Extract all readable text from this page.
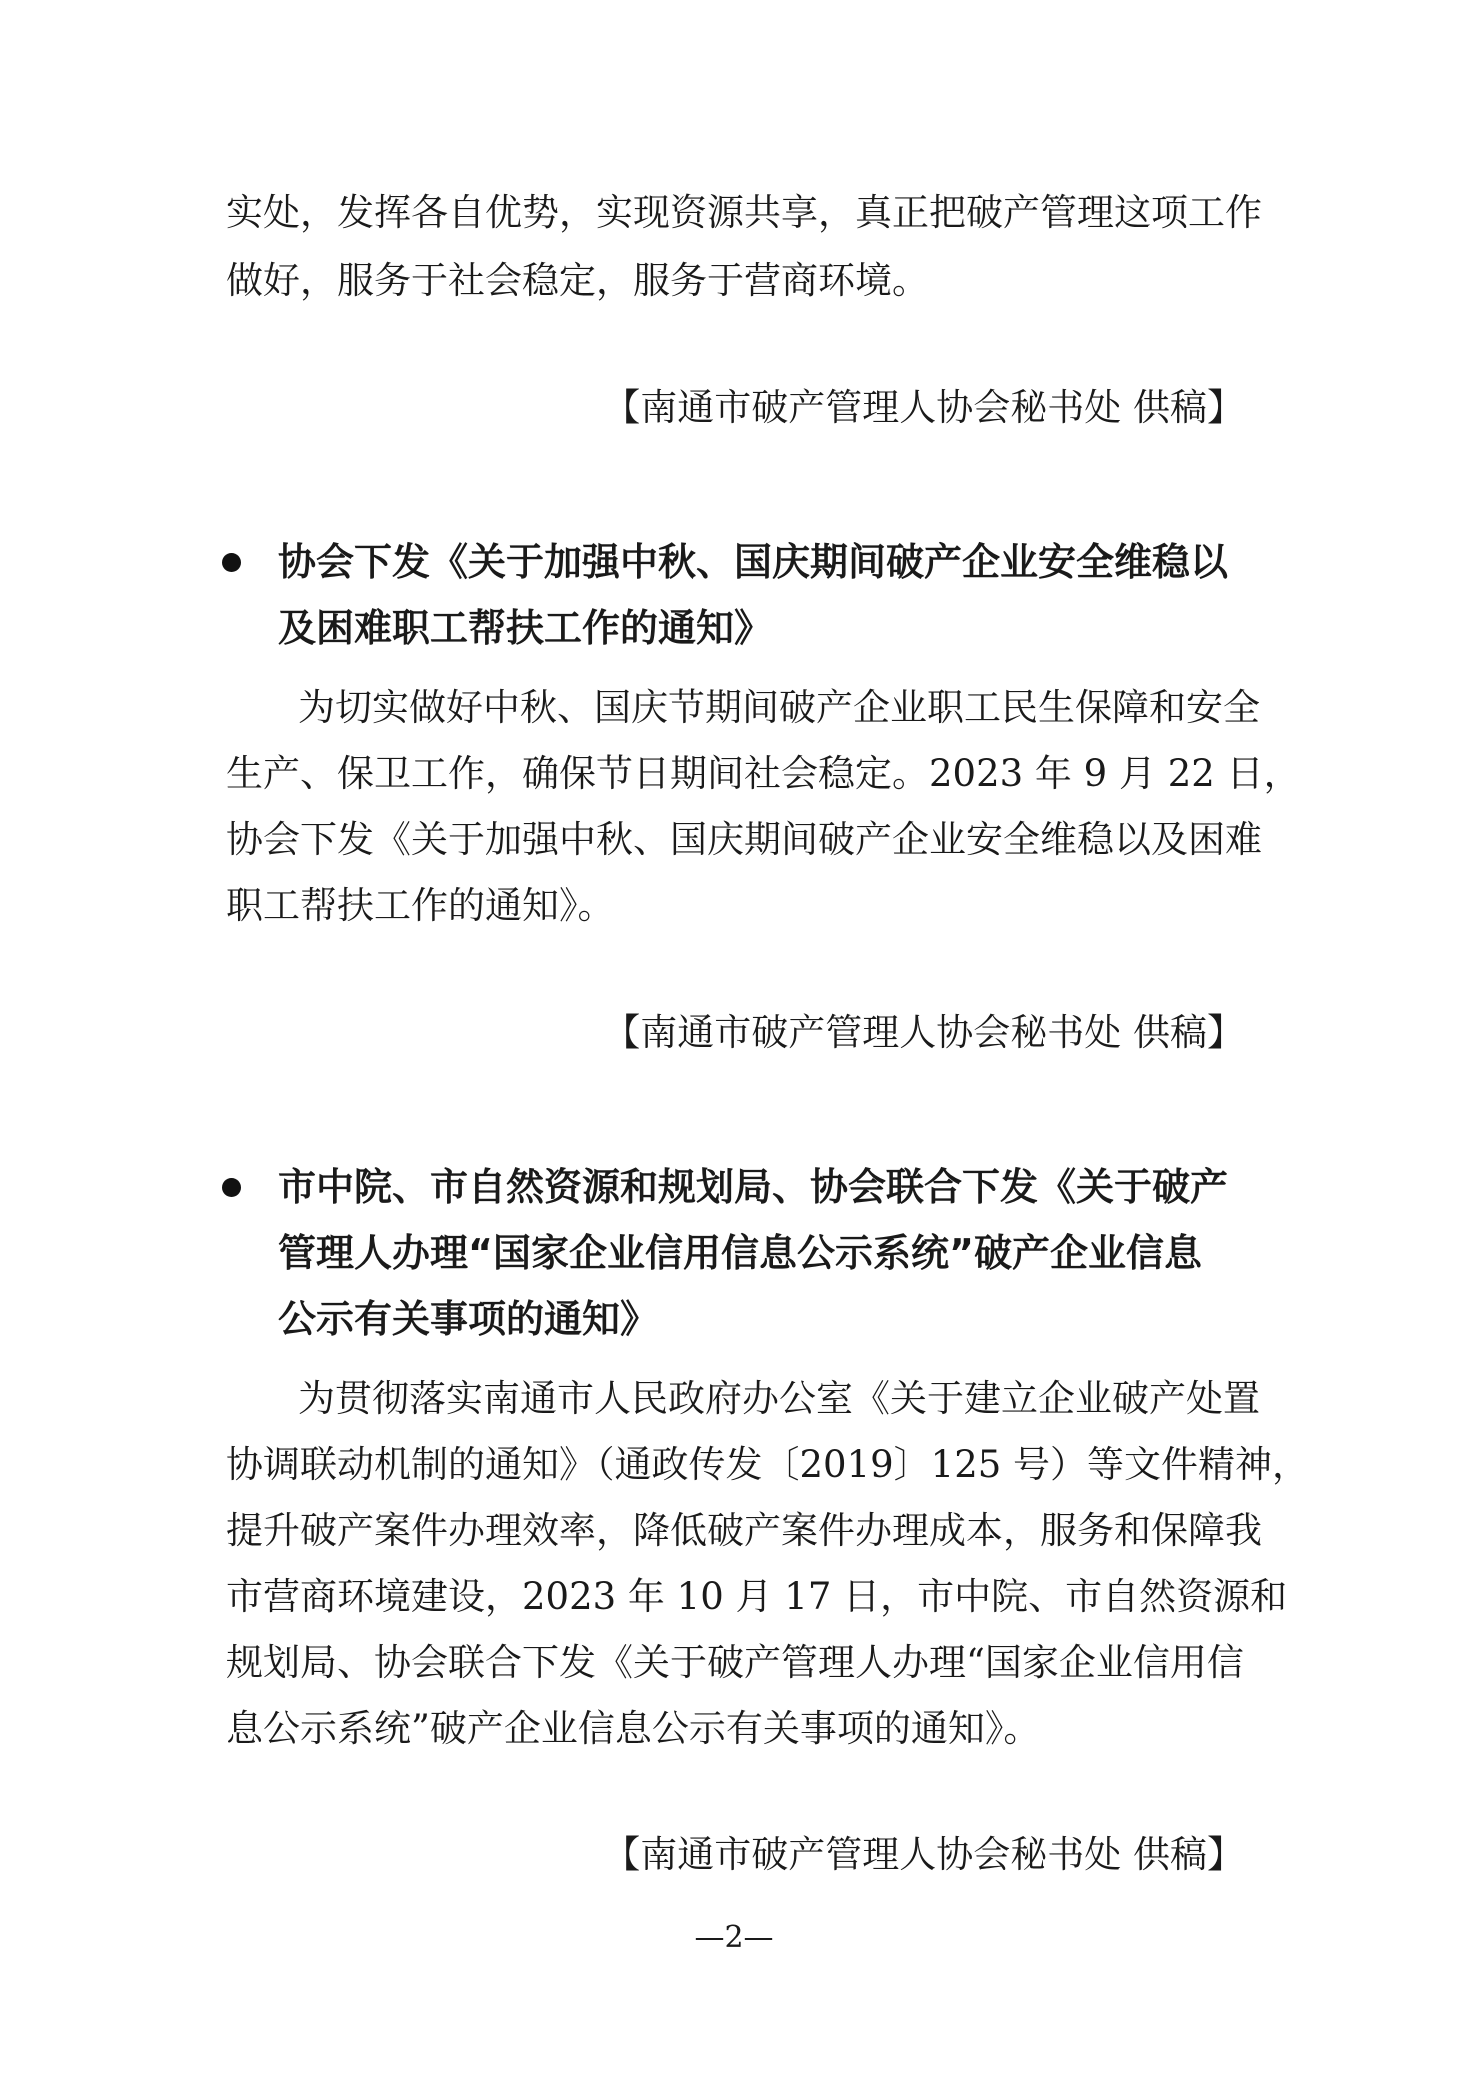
实处，发挥各自优势，实现资源共享，真正把破产管理这项工作
做好，服务于社会稳定，服务于营商环境。
【南通市破产管理人协会秘书处 供稿】
协会下发《关于加强中秋、国庆期间破产企业安全维稳以
及困难职工帮扶工作的通知》
为切实做好中秋、国庆节期间破产企业职工民生保障和安全
生产、保卫工作，确保节日期间社会稳定。2023 年 9 月 22 日，
协会下发《关于加强中秋、国庆期间破产企业安全维稳以及困难
职工帮扶工作的通知》。
【南通市破产管理人协会秘书处 供稿】
市中院、市自然资源和规划局、协会联合下发《关于破产
管理人办理“国家企业信用信息公示系统”破产企业信息
公示有关事项的通知》
为贯彻落实南通市人民政府办公室《关于建立企业破产处置
协调联动机制的通知》（通政传发〔2019〕125 号）等文件精神，
提升破产案件办理效率，降低破产案件办理成本，服务和保障我
市营商环境建设，2023 年 10 月 17 日，市中院、市自然资源和
规划局、协会联合下发《关于破产管理人办理“国家企业信用信
息公示系统”破产企业信息公示有关事项的通知》。
【南通市破产管理人协会秘书处 供稿】
—2—
